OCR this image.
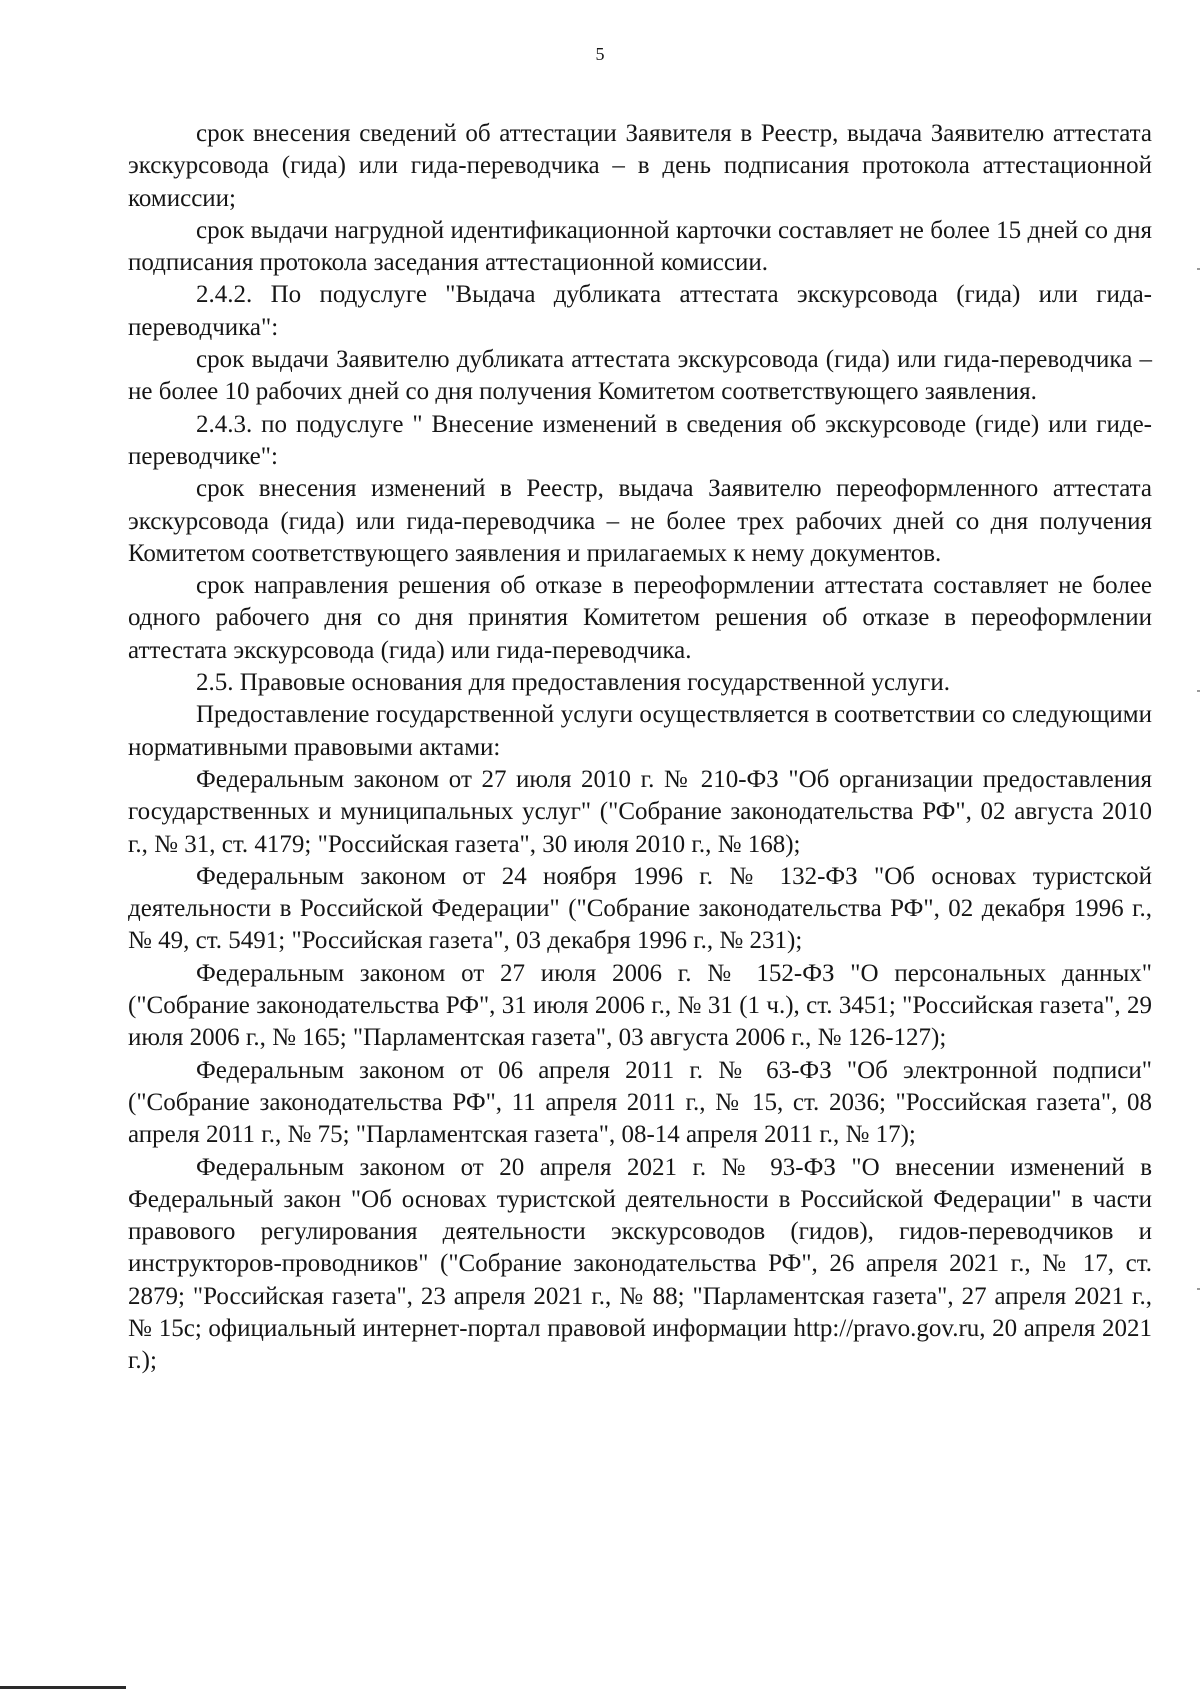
5

срок внесения сведений об аттестации Заявителя в Реестр, выдача Заявителю аттестата экскурсовода (гида) или гида-переводчика – в день подписания протокола аттестационной комиссии;

срок выдачи нагрудной идентификационной карточки составляет не более 15 дней со дня подписания протокола заседания аттестационной комиссии.

2.4.2. По подуслуге "Выдача дубликата аттестата экскурсовода (гида) или гида-переводчика":

срок выдачи Заявителю дубликата аттестата экскурсовода (гида) или гида-переводчика – не более 10 рабочих дней со дня получения Комитетом соответствующего заявления.

2.4.3. по подуслуге " Внесение изменений в сведения об экскурсоводе (гиде) или гиде-переводчике":

срок внесения изменений в Реестр, выдача Заявителю переоформленного аттестата экскурсовода (гида) или гида-переводчика – не более трех рабочих дней со дня получения Комитетом соответствующего заявления и прилагаемых к нему документов.

срок направления решения об отказе в переоформлении аттестата составляет не более одного рабочего дня со дня принятия Комитетом решения об отказе в переоформлении аттестата экскурсовода (гида) или гида-переводчика.

2.5. Правовые основания для предоставления государственной услуги.

Предоставление государственной услуги осуществляется в соответствии со следующими нормативными правовыми актами:

Федеральным законом от 27 июля 2010 г. № 210-ФЗ "Об организации предоставления государственных и муниципальных услуг" ("Собрание законодательства РФ", 02 августа 2010 г., № 31, ст. 4179; "Российская газета", 30 июля 2010 г., № 168);

Федеральным законом от 24 ноября 1996 г. № 132-ФЗ "Об основах туристской деятельности в Российской Федерации" ("Собрание законодательства РФ", 02 декабря 1996 г., № 49, ст. 5491; "Российская газета", 03 декабря 1996 г., № 231);

Федеральным законом от 27 июля 2006 г. № 152-ФЗ "О персональных данных" ("Собрание законодательства РФ", 31 июля 2006 г., № 31 (1 ч.), ст. 3451; "Российская газета", 29 июля 2006 г., № 165; "Парламентская газета", 03 августа 2006 г., № 126-127);

Федеральным законом от 06 апреля 2011 г. № 63-ФЗ "Об электронной подписи" ("Собрание законодательства РФ", 11 апреля 2011 г., № 15, ст. 2036; "Российская газета", 08 апреля 2011 г., № 75; "Парламентская газета", 08-14 апреля 2011 г., № 17);

Федеральным законом от 20 апреля 2021 г. № 93-ФЗ "О внесении изменений в Федеральный закон "Об основах туристской деятельности в Российской Федерации" в части правового регулирования деятельности экскурсоводов (гидов), гидов-переводчиков и инструкторов-проводников" ("Собрание законодательства РФ", 26 апреля 2021 г., № 17, ст. 2879; "Российская газета", 23 апреля 2021 г., № 88; "Парламентская газета", 27 апреля 2021 г., № 15с; официальный интернет-портал правовой информации http://pravo.gov.ru, 20 апреля 2021 г.);
